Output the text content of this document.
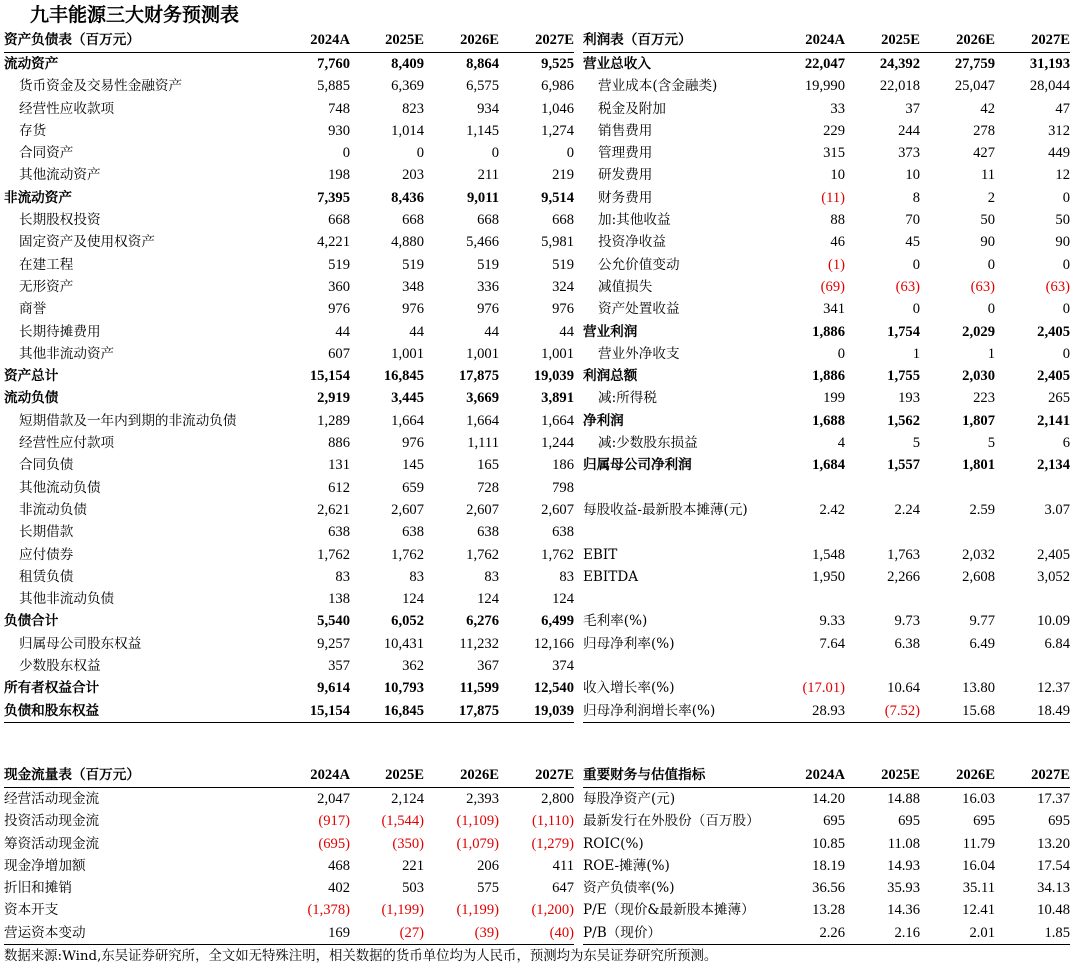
九丰能源三大财务预测表
资产负债表（百万元）	2024A	2025E	2026E	2027E
流动资产	7,760	8,409	8,864	9,525
货币资金及交易性金融资产	5,885	6,369	6,575	6,986
经营性应收款项	748	823	934	1,046
存货	930	1,014	1,145	1,274
合同资产	0	0	0	0
其他流动资产	198	203	211	219
非流动资产	7,395	8,436	9,011	9,514
长期股权投资	668	668	668	668
固定资产及使用权资产	4,221	4,880	5,466	5,981
在建工程	519	519	519	519
无形资产	360	348	336	324
商誉	976	976	976	976
长期待摊费用	44	44	44	44
其他非流动资产	607	1,001	1,001	1,001
资产总计	15,154	16,845	17,875	19,039
流动负债	2,919	3,445	3,669	3,891
短期借款及一年内到期的非流动负债	1,289	1,664	1,664	1,664
经营性应付款项	886	976	1,111	1,244
合同负债	131	145	165	186
其他流动负债	612	659	728	798
非流动负债	2,621	2,607	2,607	2,607
长期借款	638	638	638	638
应付债券	1,762	1,762	1,762	1,762
租赁负债	83	83	83	83
其他非流动负债	138	124	124	124
负债合计	5,540	6,052	6,276	6,499
归属母公司股东权益	9,257	10,431	11,232	12,166
少数股东权益	357	362	367	374
所有者权益合计	9,614	10,793	11,599	12,540
负债和股东权益	15,154	16,845	17,875	19,039
利润表（百万元）	2024A	2025E	2026E	2027E
营业总收入	22,047	24,392	27,759	31,193
营业成本(含金融类)	19,990	22,018	25,047	28,044
税金及附加	33	37	42	47
销售费用	229	244	278	312
管理费用	315	373	427	449
研发费用	10	10	11	12
财务费用	(11)	8	2	0
加:其他收益	88	70	50	50
投资净收益	46	45	90	90
公允价值变动	(1)	0	0	0
减值损失	(69)	(63)	(63)	(63)
资产处置收益	341	0	0	0
营业利润	1,886	1,754	2,029	2,405
营业外净收支	0	1	1	0
利润总额	1,886	1,755	2,030	2,405
减:所得税	199	193	223	265
净利润	1,688	1,562	1,807	2,141
减:少数股东损益	4	5	5	6
归属母公司净利润	1,684	1,557	1,801	2,134

每股收益-最新股本摊薄(元)	2.42	2.24	2.59	3.07

EBIT	1,548	1,763	2,032	2,405
EBITDA	1,950	2,266	2,608	3,052

毛利率(%)	9.33	9.73	9.77	10.09
归母净利率(%)	7.64	6.38	6.49	6.84

收入增长率(%)	(17.01)	10.64	13.80	12.37
归母净利润增长率(%)	28.93	(7.52)	15.68	18.49
现金流量表（百万元）	2024A	2025E	2026E	2027E
经营活动现金流	2,047	2,124	2,393	2,800
投资活动现金流	(917)	(1,544)	(1,109)	(1,110)
筹资活动现金流	(695)	(350)	(1,079)	(1,279)
现金净增加额	468	221	206	411
折旧和摊销	402	503	575	647
资本开支	(1,378)	(1,199)	(1,199)	(1,200)
营运资本变动	169	(27)	(39)	(40)
重要财务与估值指标	2024A	2025E	2026E	2027E
每股净资产(元)	14.20	14.88	16.03	17.37
最新发行在外股份（百万股）	695	695	695	695
ROIC(%)	10.85	11.08	11.79	13.20
ROE-摊薄(%)	18.19	14.93	16.04	17.54
资产负债率(%)	36.56	35.93	35.11	34.13
P/E（现价&最新股本摊薄）	13.28	14.36	12.41	10.48
P/B（现价）	2.26	2.16	2.01	1.85
数据来源:Wind,东吴证券研究所，全文如无特殊注明，相关数据的货币单位均为人民币，预测均为东吴证券研究所预测。
